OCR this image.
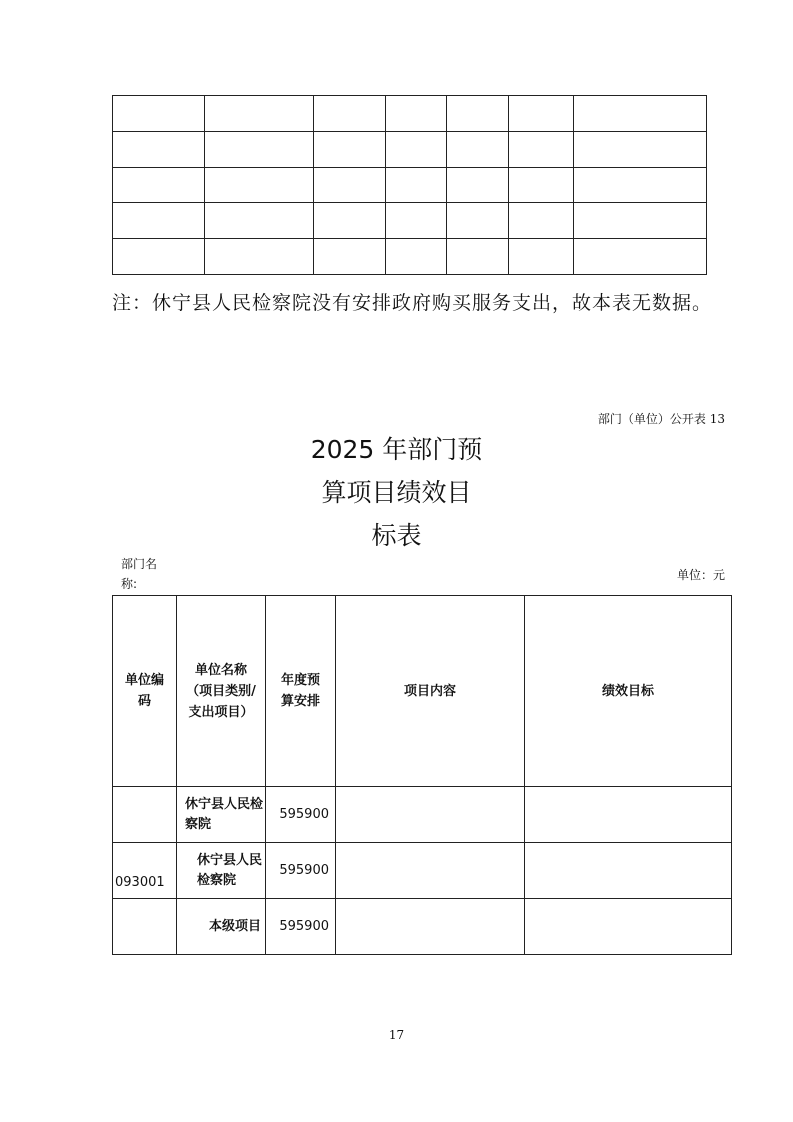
注：休宁县人民检察院没有安排政府购买服务支出，故本表无数据。
部门（单位）公开表 13
2025 年部门预
算项目绩效目
标表
部门名称:
单位：元
单位编码	单位名称（项目类别/支出项目）	年度预算安排	项目内容	绩效目标
	休宁县人民检察院	595900		
093001	休宁县人民检察院	595900		
	本级项目	595900		
17
